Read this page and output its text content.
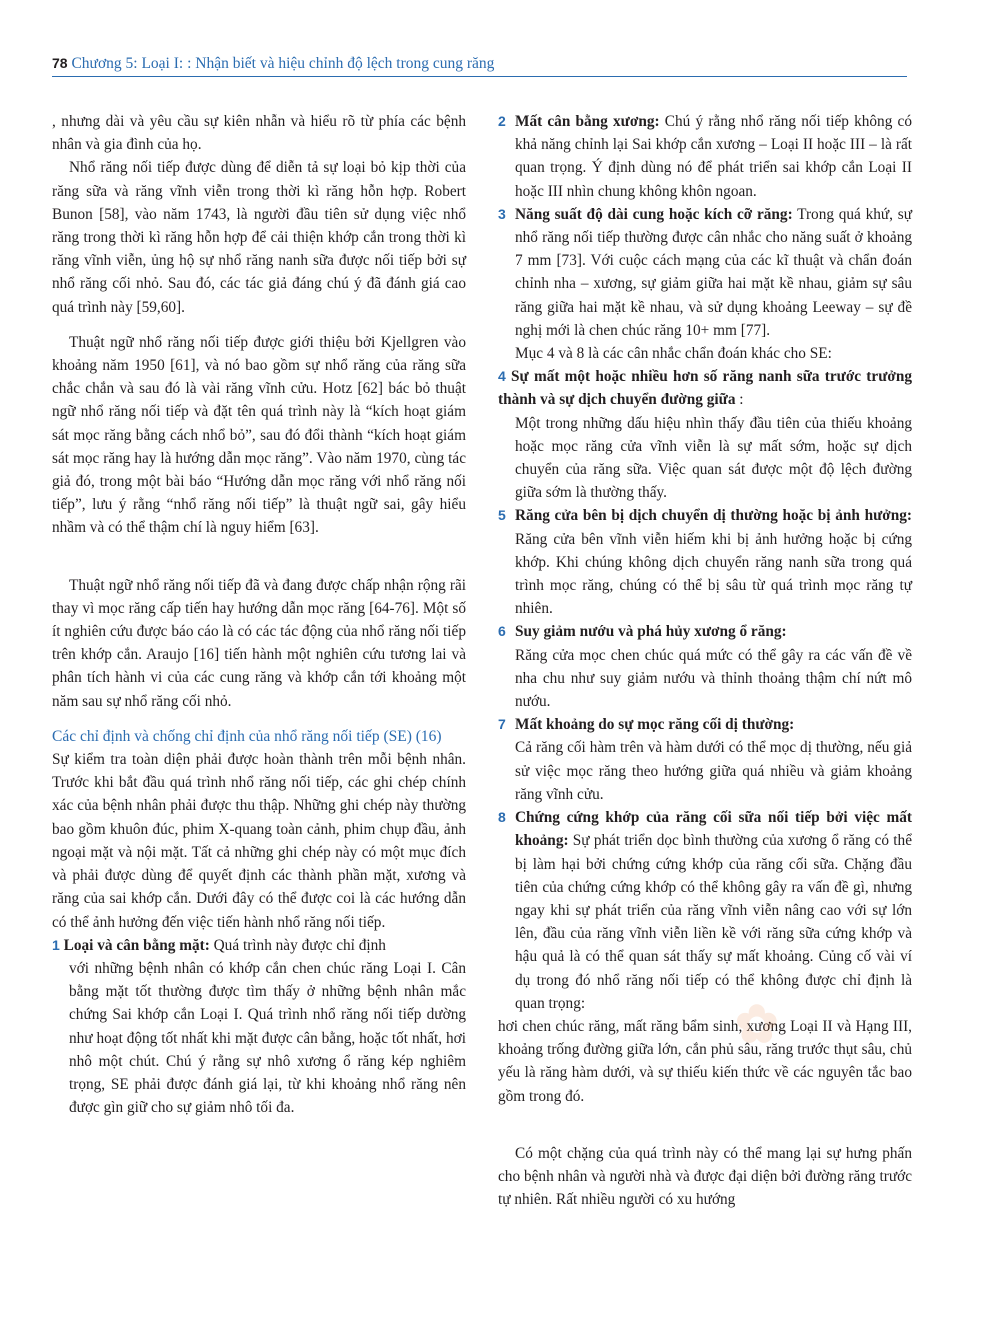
78 Chương 5: Loại I: : Nhận biết và hiệu chỉnh độ lệch trong cung răng

, nhưng dài và yêu cầu sự kiên nhẫn và hiểu rõ từ phía các bệnh nhân và gia đình của họ.

Nhổ răng nối tiếp được dùng để diễn tả sự loại bỏ kịp thời của răng sữa và răng vĩnh viễn trong thời kì răng hỗn hợp. Robert Bunon [58], vào năm 1743, là người đầu tiên sử dụng việc nhổ răng trong thời kì răng hỗn hợp để cải thiện khớp cắn trong thời kì răng vĩnh viễn, ủng hộ sự nhổ răng nanh sữa được nối tiếp bởi sự nhổ răng cối nhỏ. Sau đó, các tác giả đáng chú ý đã đánh giá cao quá trình này [59,60].

Thuật ngữ nhổ răng nối tiếp được giới thiệu bởi Kjellgren vào khoảng năm 1950 [61], và nó bao gồm sự nhổ răng của răng sữa chắc chắn và sau đó là vài răng vĩnh cửu. Hotz [62] bác bỏ thuật ngữ nhổ răng nối tiếp và đặt tên quá trình này là “kích hoạt giám sát mọc răng bằng cách nhổ bỏ”, sau đó đổi thành “kích hoạt giám sát mọc răng hay là hướng dẫn mọc răng”. Vào năm 1970, cùng tác giả đó, trong một bài báo “Hướng dẫn mọc răng với nhổ răng nối tiếp”, lưu ý rằng “nhổ răng nối tiếp” là thuật ngữ sai, gây hiểu nhầm và có thể thậm chí là nguy hiểm [63].

Thuật ngữ nhổ răng nối tiếp đã và đang được chấp nhận rộng rãi thay vì mọc răng cấp tiến hay hướng dẫn mọc răng [64-76]. Một số ít nghiên cứu được báo cáo là có các tác động của nhổ răng nối tiếp trên khớp cắn. Araujo [16] tiến hành một nghiên cứu tương lai và phân tích hành vi của các cung răng và khớp cắn tới khoảng một năm sau sự nhổ răng cối nhỏ.

Các chỉ định và chống chỉ định của nhổ răng nối tiếp (SE) (16)

Sự kiểm tra toàn diện phải được hoàn thành trên mỗi bệnh nhân. Trước khi bắt đầu quá trình nhổ răng nối tiếp, các ghi chép chính xác của bệnh nhân phải được thu thập. Những ghi chép này thường bao gồm khuôn đúc, phim X-quang toàn cảnh, phim chụp đầu, ảnh ngoại mặt và nội mặt. Tất cả những ghi chép này có một mục đích và phải được dùng để quyết định các thành phần mặt, xương và răng của sai khớp cắn. Dưới đây có thể được coi là các hướng dẫn có thể ảnh hưởng đến việc tiến hành nhổ răng nối tiếp.

1 Loại và cân bằng mặt: Quá trình này được chỉ định

với những bệnh nhân có khớp cắn chen chúc răng Loại I. Cân bằng mặt tốt thường được tìm thấy ở những bệnh nhân mắc chứng Sai khớp cắn Loại I. Quá trình nhổ răng nối tiếp dường như hoạt động tốt nhất khi mặt được cân bằng, hoặc tốt nhất, hơi nhô một chút. Chú ý rằng sự nhô xương ổ răng kép nghiêm trọng, SE phải được đánh giá lại, từ khi khoảng nhổ răng nên được gìn giữ cho sự giảm nhô tối đa.

2 Mất cân bằng xương: Chú ý rằng nhổ răng nối tiếp không có khả năng chỉnh lại Sai khớp cắn xương – Loại II hoặc III – là rất quan trọng. Ý định dùng nó để phát triển sai khớp cắn Loại II hoặc III nhìn chung không khôn ngoan.

3 Năng suất độ dài cung hoặc kích cỡ răng: Trong quá khứ, sự nhổ răng nối tiếp thường được cân nhắc cho năng suất ở khoảng 7 mm [73]. Với cuộc cách mạng của các kĩ thuật và chẩn đoán chỉnh nha – xương, sự giảm giữa hai mặt kề nhau, giảm sự sâu răng giữa hai mặt kề nhau, và sử dụng khoảng Leeway – sự đề nghị mới là chen chúc răng 10+ mm [77].

Mục 4 và 8 là các cân nhắc chẩn đoán khác cho SE:

4 Sự mất một hoặc nhiều hơn số răng nanh sữa trước trưởng thành và sự dịch chuyển đường giữa :

Một trong những dấu hiệu nhìn thấy đầu tiên của thiếu khoảng hoặc mọc răng cửa vĩnh viễn là sự mất sớm, hoặc sự dịch chuyển của răng sữa. Việc quan sát được một độ lệch đường giữa sớm là thường thấy.

5 Răng cửa bên bị dịch chuyển dị thường hoặc bị ảnh hưởng: Răng cửa bên vĩnh viễn hiếm khi bị ảnh hưởng hoặc bị cứng khớp. Khi chúng không dịch chuyển răng nanh sữa trong quá trình mọc răng, chúng có thể bị sâu từ quá trình mọc răng tự nhiên.

6 Suy giảm nướu và phá hủy xương ổ răng:

Răng cửa mọc chen chúc quá mức có thể gây ra các vấn đề về nha chu như suy giảm nướu và thỉnh thoảng thậm chí nứt mô nướu.

7 Mất khoảng do sự mọc răng cối dị thường:

Cả răng cối hàm trên và hàm dưới có thể mọc dị thường, nếu giả sử việc mọc răng theo hướng giữa quá nhiều và giảm khoảng răng vĩnh cửu.

8 Chứng cứng khớp của răng cối sữa nối tiếp bởi việc mất khoảng: Sự phát triển dọc bình thường của xương ổ răng có thể bị làm hại bởi chứng cứng khớp của răng cối sữa. Chặng đầu tiên của chứng cứng khớp có thể không gây ra vấn đề gì, nhưng ngay khi sự phát triển của răng vĩnh viễn nâng cao với sự lớn lên, đầu của răng vĩnh viễn liền kề với răng sữa cứng khớp và hậu quả là có thể quan sát thấy sự mất khoảng. Củng cố vài ví dụ trong đó nhổ răng nối tiếp có thể không được chỉ định là quan trọng:

hơi chen chúc răng, mất răng bẩm sinh, xương Loại II và Hạng III, khoảng trống đường giữa lớn, cắn phủ sâu, răng trước thụt sâu, chủ yếu là răng hàm dưới, và sự thiếu kiến thức về các nguyên tắc bao gồm trong đó.

Có một chặng của quá trình này có thể mang lại sự hưng phấn cho bệnh nhân và người nhà và được đại diện bởi đường răng trước tự nhiên. Rất nhiều người có xu hướng

✿
